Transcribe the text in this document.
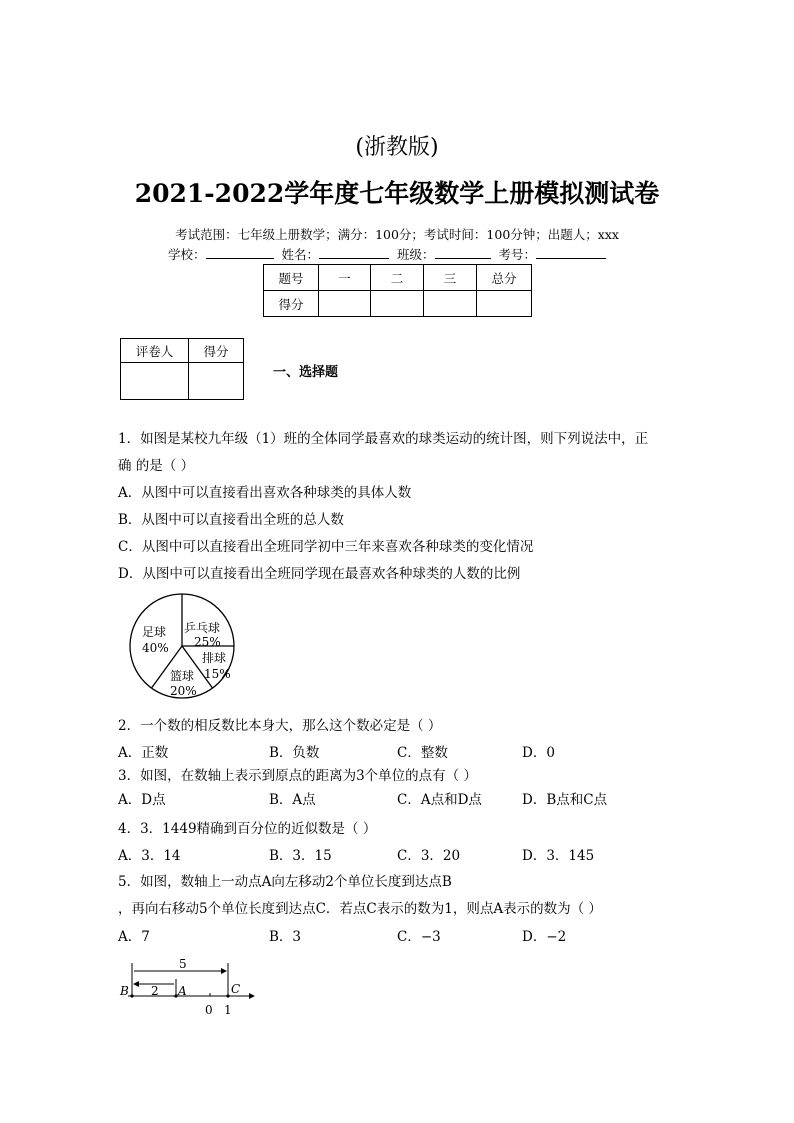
(浙教版)
2021-2022学年度七年级数学上册模拟测试卷
考试范围：七年级上册数学；满分：100分；考试时间：100分钟；出题人；xxx
学校：	姓名：	班级：	考号：
题号	一	二	三	总分
得分				
评卷人	得分

一、选择题
1．如图是某校九年级（1）班的全体同学最喜欢的球类运动的统计图，则下列说法中，正
确 的是（ ）
A．从图中可以直接看出喜欢各种球类的具体人数
B．从图中可以直接看出全班的总人数
C．从图中可以直接看出全班同学初中三年来喜欢各种球类的变化情况
D．从图中可以直接看出全班同学现在最喜欢各种球类的人数的比例
足球
40%
乒乓球
25%
排球
15%
篮球
20%
2．一个数的相反数比本身大，那么这个数必定是（ ）
A．正数	B．负数	C．整数	D．0
3．如图，在数轴上表示到原点的距离为3个单位的点有（ ）
A．D点	B．A点	C．A点和D点	D．B点和C点
4．3．1449精确到百分位的近似数是（ ）
A．3．14	B．3．15	C．3．20	D．3．145
5．如图，数轴上一动点A向左移动2个单位长度到达点B
，再向右移动5个单位长度到达点C．若点C表示的数为1，则点A表示的数为（ ）
A．7	B．3	C．−3	D．−2
5
2
B	A	C
0 1
